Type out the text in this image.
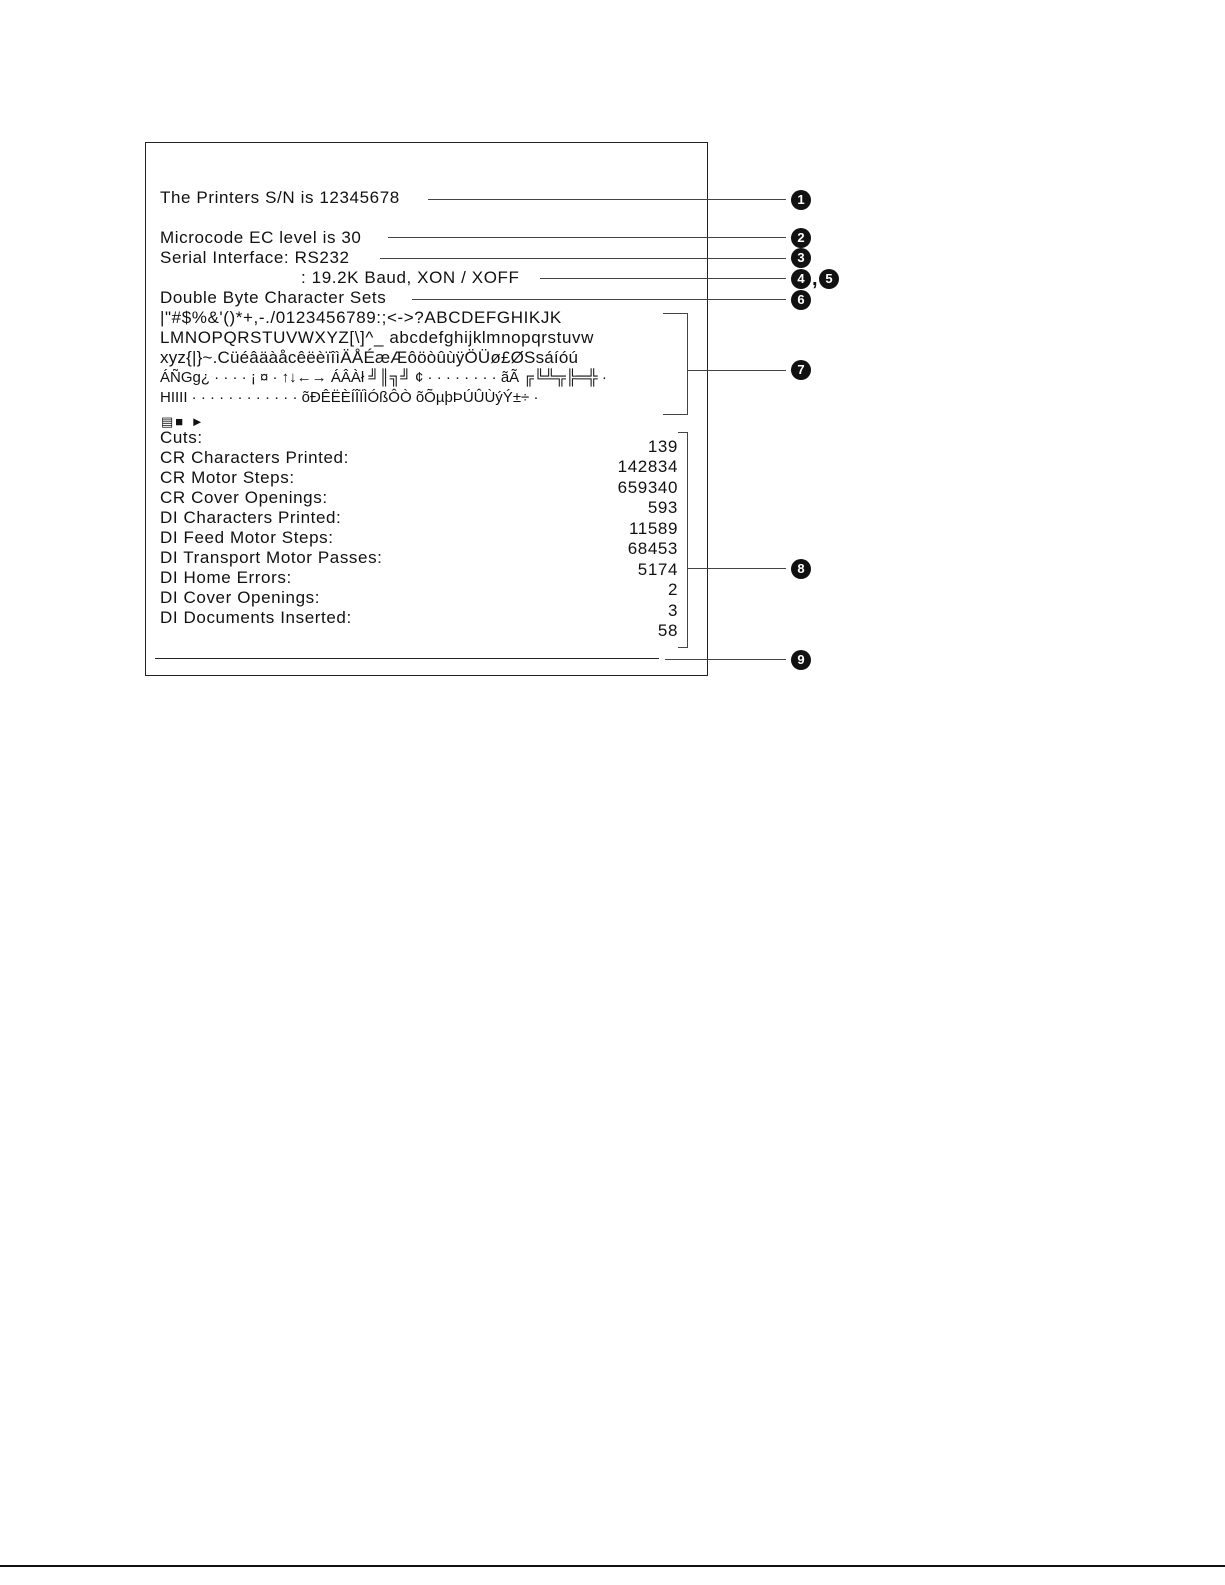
The Printers S/N is 12345678
Microcode EC level is 30
Serial Interface: RS232
: 19.2K Baud, XON / XOFF
Double Byte Character Sets
|"#$%&'()*+,-./0123456789:;<->?ABCDEFGHIKJK
LMNOPQRSTUVWXYZ[\]^_ abcdefghijklmnopqrstuvw
xyz{|}~.CüéâäàåcêëèïîìÄÅÉæÆôöòûùÿÖÜø£ØSsáíóú
ÁÑGg¿ · · · · ¡ ¤ · ↑↓←→ ÁÂÀł ╝║╗╝ ¢ · · · · · · · · ãÃ ╔╚╩╦╠═╬ ·
HIIII · · · · · · · · · · · · õÐÊËÈÍÎÏÌÓßÔÒ õÕµþÞÚÛÙýÝ±÷ ·
▤■ ►
Cuts:
CR Characters Printed:
CR Motor Steps:
CR Cover Openings:
DI Characters Printed:
DI Feed Motor Steps:
DI Transport Motor Passes:
DI Home Errors:
DI Cover Openings:
DI Documents Inserted:
139
142834
659340
593
11589
68453
5174
2
3
58
1
2
3
4 , 5
6
7
8
9
